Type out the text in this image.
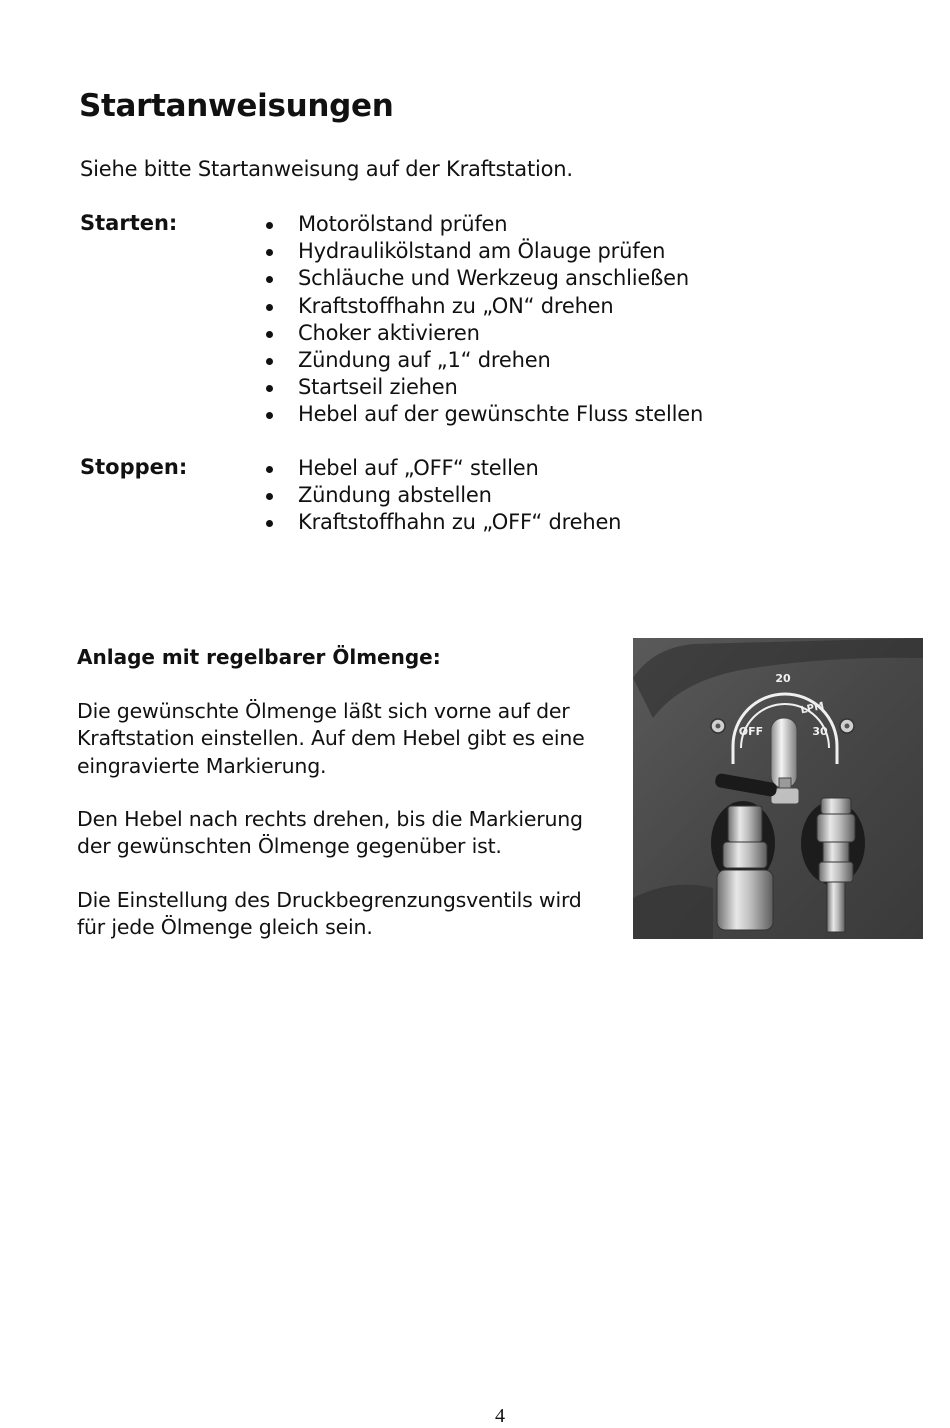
Startanweisungen

Siehe bitte Startanweisung auf der Kraftstation.

Starten:	Motorölstand prüfen
Hydraulikölstand am Ölauge prüfen
Schläuche und Werkzeug anschließen
Kraftstoffhahn zu „ON“ drehen
Choker aktivieren
Zündung auf „1“ drehen
Startseil ziehen
Hebel auf der gewünschte Fluss stellen

Stoppen:	Hebel auf „OFF“ stellen
Zündung abstellen
Kraftstoffhahn zu „OFF“ drehen

Anlage mit regelbarer Ölmenge:

Die gewünschte Ölmenge läßt sich vorne auf der
Kraftstation einstellen. Auf dem Hebel gibt es eine
eingravierte Markierung.
Den Hebel nach rechts drehen, bis die Markierung
der gewünschten Ölmenge gegenüber ist.
Die Einstellung des Druckbegrenzungsventils wird
für jede Ölmenge gleich sein.
20
LPM
OFF	30

4
